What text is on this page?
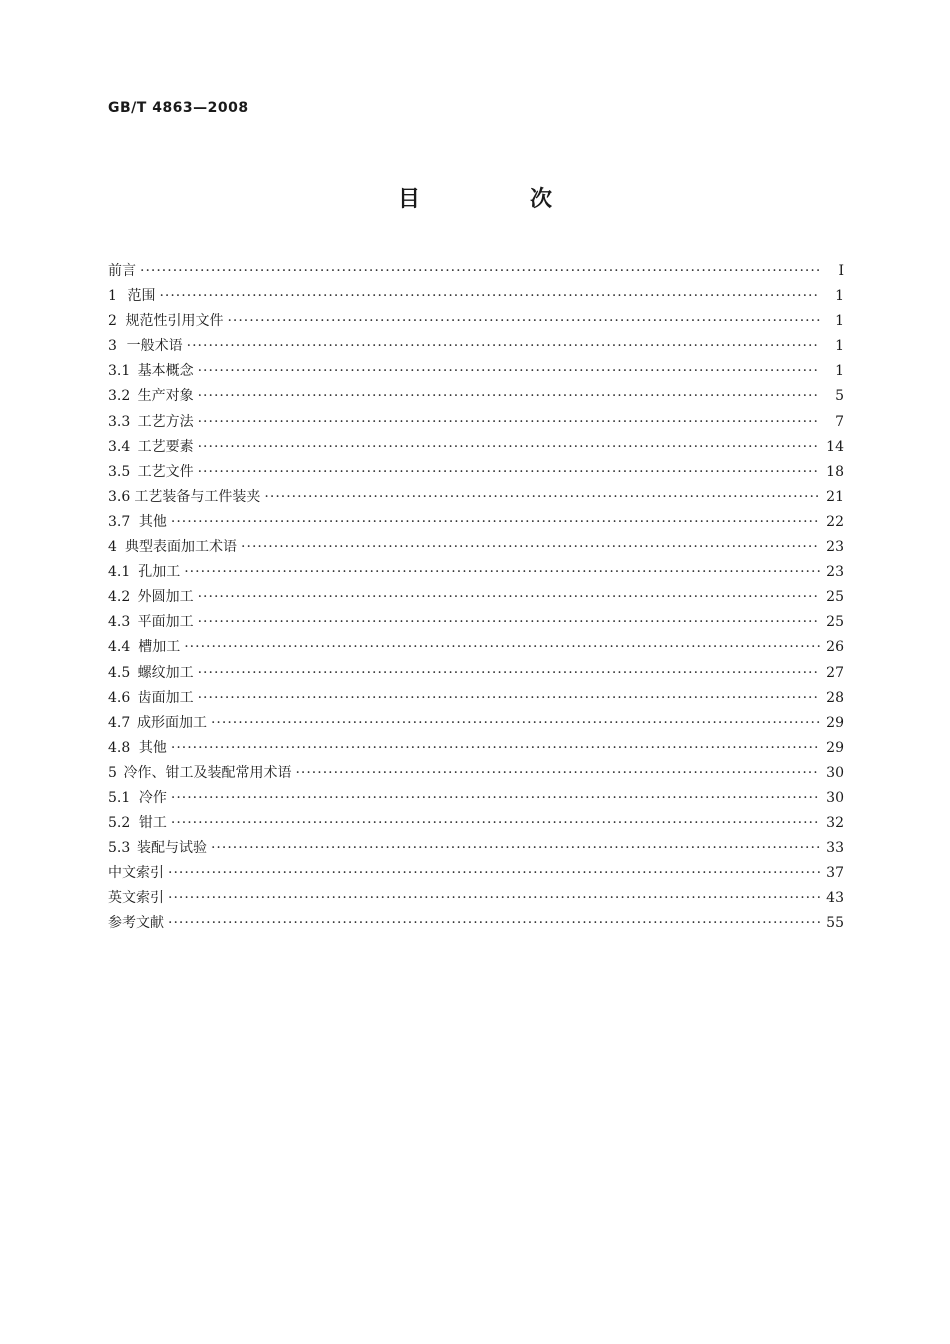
GB/T 4863—2008
目　次
前言 ·····	Ⅰ
1 范围 ·····	1
2 规范性引用文件 ·····	1
3 一般术语 ·····	1
3.1 基本概念 ·····	1
3.2 生产对象 ·····	5
3.3 工艺方法 ·····	7
3.4 工艺要素 ·····	14
3.5 工艺文件 ·····	18
3.6 工艺装备与工件装夹 ·····	21
3.7 其他 ·····	22
4 典型表面加工术语 ·····	23
4.1 孔加工 ·····	23
4.2 外圆加工 ·····	25
4.3 平面加工 ·····	25
4.4 槽加工 ·····	26
4.5 螺纹加工 ·····	27
4.6 齿面加工 ·····	28
4.7 成形面加工 ·····	29
4.8 其他 ·····	29
5 冷作、钳工及装配常用术语 ·····	30
5.1 冷作 ·····	30
5.2 钳工 ·····	32
5.3 装配与试验 ·····	33
中文索引 ·····	37
英文索引 ·····	43
参考文献 ·····	55
